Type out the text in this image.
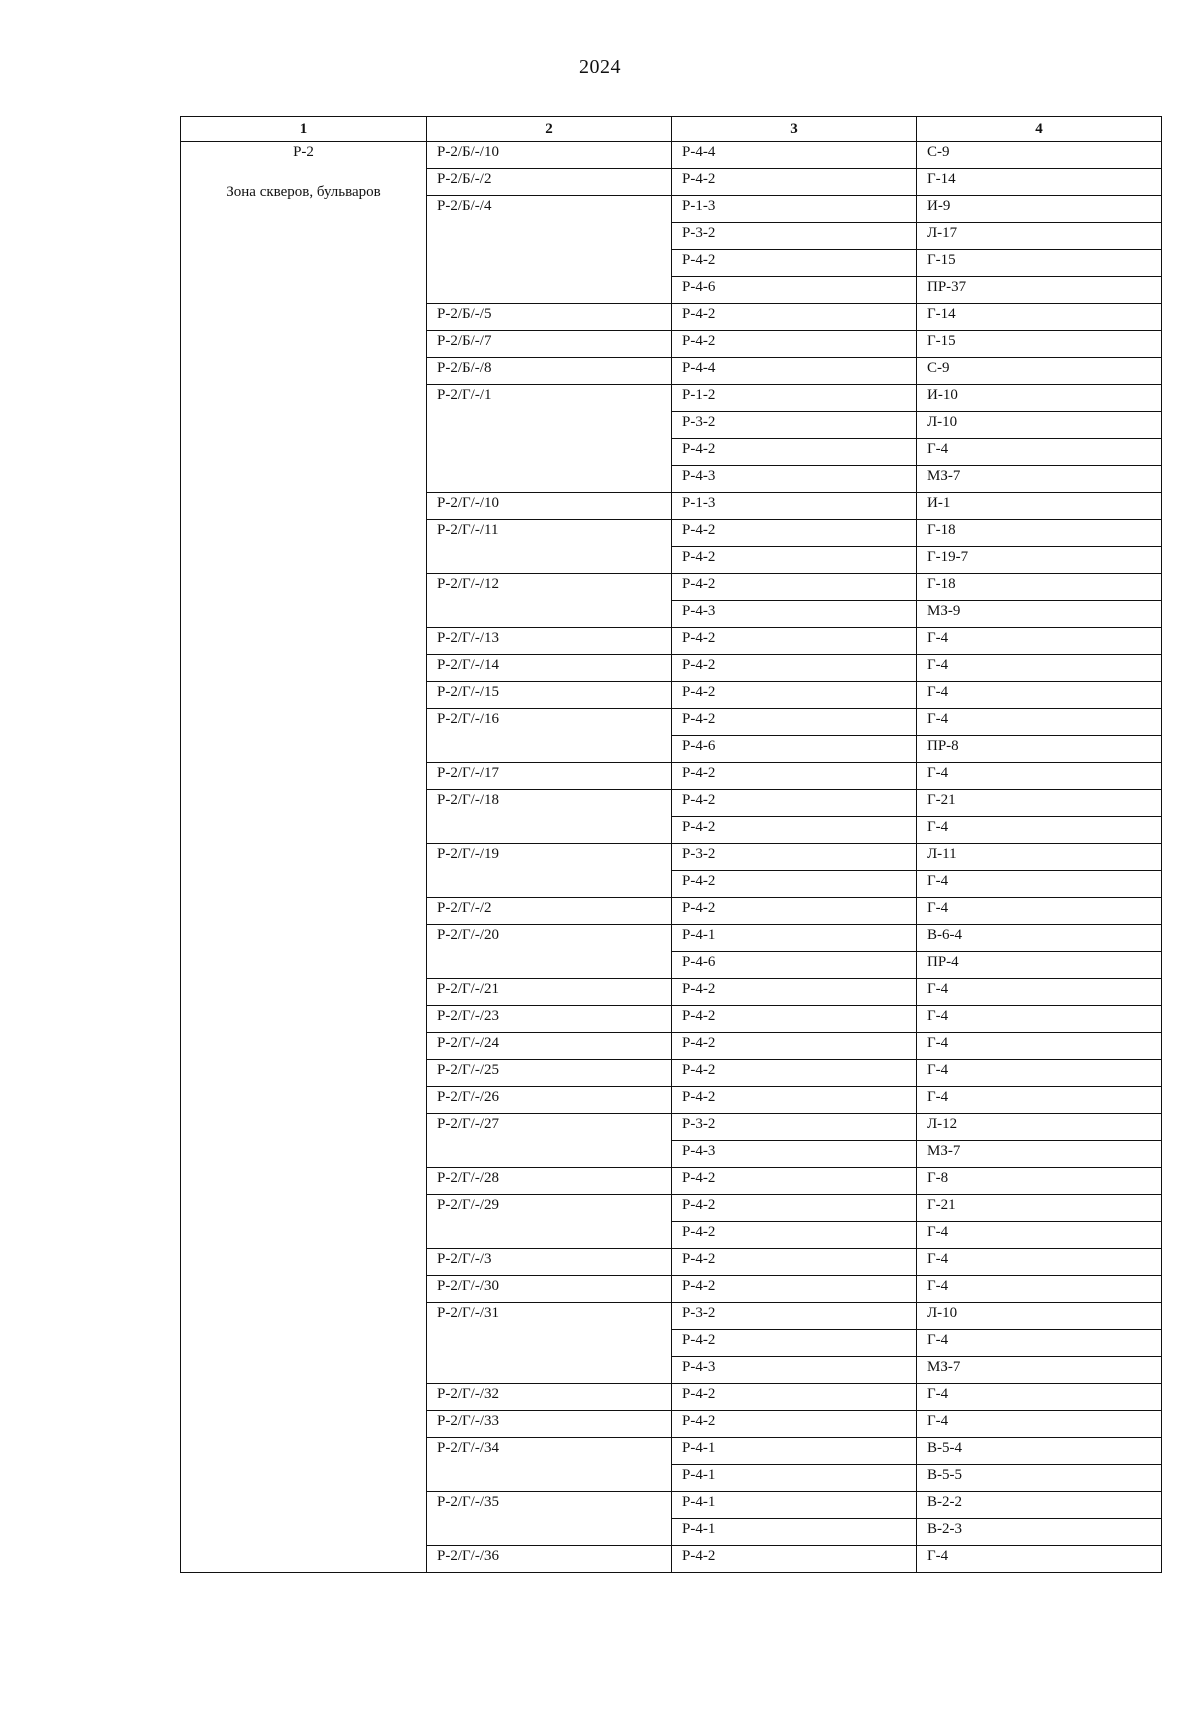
2024
1	2	3	4

Р-2
Зона скверов, бульваров	Р-2/Б/-/10	Р-4-4	С-9
	Р-2/Б/-/2	Р-4-2	Г-14
	Р-2/Б/-/4	Р-1-3	И-9
		Р-3-2	Л-17
		Р-4-2	Г-15
		Р-4-6	ПР-37
	Р-2/Б/-/5	Р-4-2	Г-14
	Р-2/Б/-/7	Р-4-2	Г-15
	Р-2/Б/-/8	Р-4-4	С-9
	Р-2/Г/-/1	Р-1-2	И-10
		Р-3-2	Л-10
		Р-4-2	Г-4
		Р-4-3	МЗ-7
	Р-2/Г/-/10	Р-1-3	И-1
	Р-2/Г/-/11	Р-4-2	Г-18
		Р-4-2	Г-19-7
	Р-2/Г/-/12	Р-4-2	Г-18
		Р-4-3	МЗ-9
	Р-2/Г/-/13	Р-4-2	Г-4
	Р-2/Г/-/14	Р-4-2	Г-4
	Р-2/Г/-/15	Р-4-2	Г-4
	Р-2/Г/-/16	Р-4-2	Г-4
		Р-4-6	ПР-8
	Р-2/Г/-/17	Р-4-2	Г-4
	Р-2/Г/-/18	Р-4-2	Г-21
		Р-4-2	Г-4
	Р-2/Г/-/19	Р-3-2	Л-11
		Р-4-2	Г-4
	Р-2/Г/-/2	Р-4-2	Г-4
	Р-2/Г/-/20	Р-4-1	В-6-4
		Р-4-6	ПР-4
	Р-2/Г/-/21	Р-4-2	Г-4
	Р-2/Г/-/23	Р-4-2	Г-4
	Р-2/Г/-/24	Р-4-2	Г-4
	Р-2/Г/-/25	Р-4-2	Г-4
	Р-2/Г/-/26	Р-4-2	Г-4
	Р-2/Г/-/27	Р-3-2	Л-12
		Р-4-3	МЗ-7
	Р-2/Г/-/28	Р-4-2	Г-8
	Р-2/Г/-/29	Р-4-2	Г-21
		Р-4-2	Г-4
	Р-2/Г/-/3	Р-4-2	Г-4
	Р-2/Г/-/30	Р-4-2	Г-4
	Р-2/Г/-/31	Р-3-2	Л-10
		Р-4-2	Г-4
		Р-4-3	МЗ-7
	Р-2/Г/-/32	Р-4-2	Г-4
	Р-2/Г/-/33	Р-4-2	Г-4
	Р-2/Г/-/34	Р-4-1	В-5-4
		Р-4-1	В-5-5
	Р-2/Г/-/35	Р-4-1	В-2-2
		Р-4-1	В-2-3
	Р-2/Г/-/36	Р-4-2	Г-4
